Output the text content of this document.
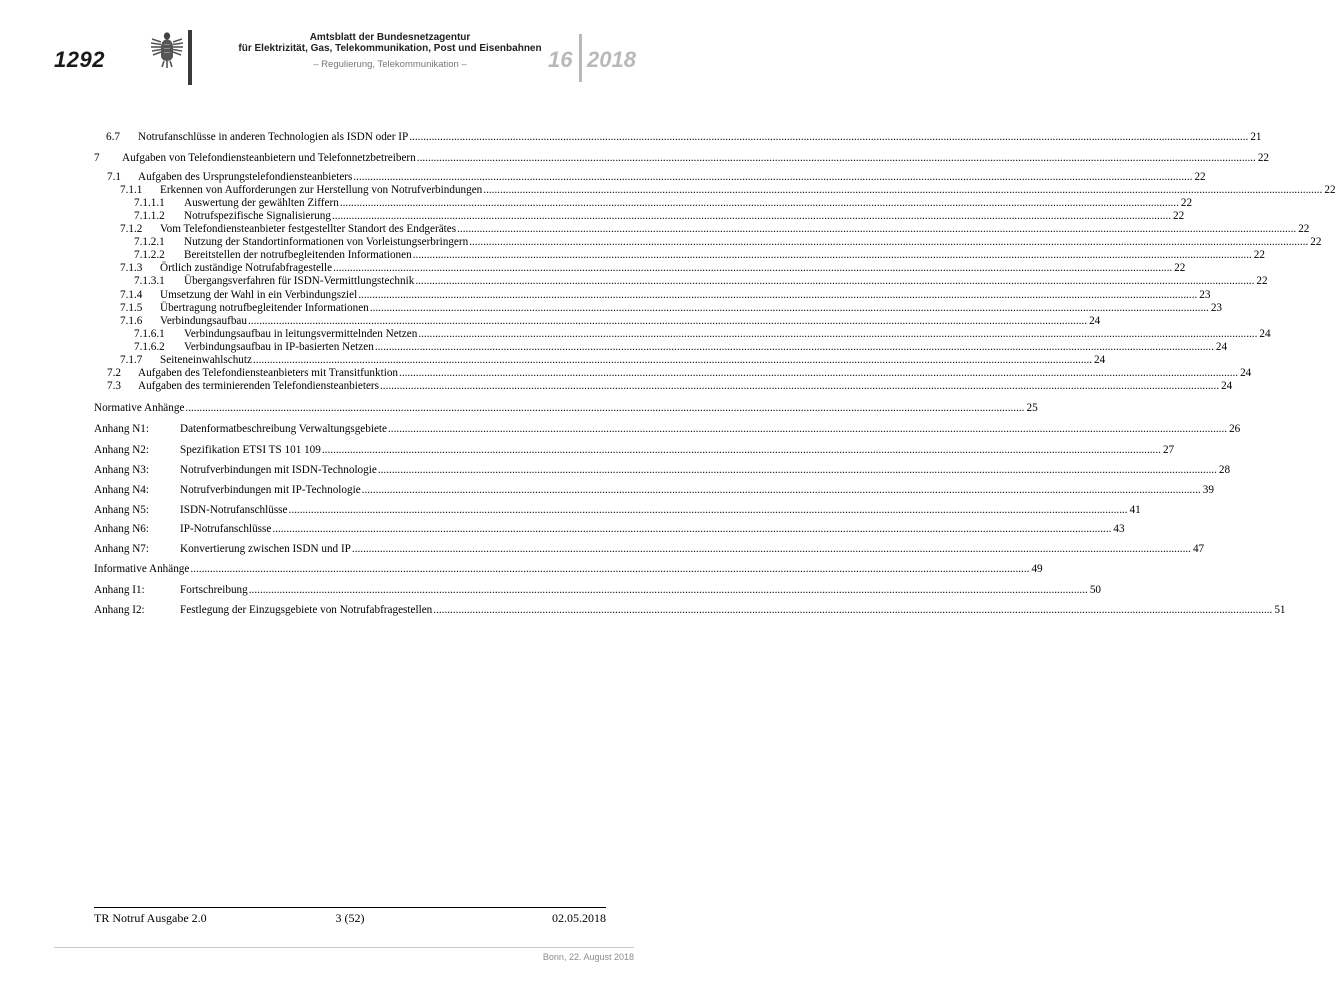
1292
Amtsblatt der Bundesnetzagentur
für Elektrizität, Gas, Telekommunikation, Post und Eisenbahnen
– Regulierung, Telekommunikation –	16 2018
6.7 Notrufanschlüsse in anderen Technologien als ISDN oder IP ............................................................................................................................................................................................................................................................................................................ 21
7 Aufgaben von Telefondiensteanbietern und Telefonnetzbetreibern ............................................................................................................................................................................................................................................................................................................ 22
7.1 Aufgaben des Ursprungstelefondiensteanbieters ............................................................................................................................................................................................................................................................................................................ 22
7.1.1 Erkennen von Aufforderungen zur Herstellung von Notrufverbindungen ............................................................................................................................................................................................................................................................................................................ 22
7.1.1.1 Auswertung der gewählten Ziffern ............................................................................................................................................................................................................................................................................................................ 22
7.1.1.2 Notrufspezifische Signalisierung ............................................................................................................................................................................................................................................................................................................ 22
7.1.2 Vom Telefondiensteanbieter festgestellter Standort des Endgerätes ............................................................................................................................................................................................................................................................................................................ 22
7.1.2.1 Nutzung der Standortinformationen von Vorleistungserbringern ............................................................................................................................................................................................................................................................................................................ 22
7.1.2.2 Bereitstellen der notrufbegleitenden Informationen ............................................................................................................................................................................................................................................................................................................ 22
7.1.3 Örtlich zuständige Notrufabfragestelle ............................................................................................................................................................................................................................................................................................................ 22
7.1.3.1 Übergangsverfahren für ISDN-Vermittlungstechnik ............................................................................................................................................................................................................................................................................................................ 22
7.1.4 Umsetzung der Wahl in ein Verbindungsziel ............................................................................................................................................................................................................................................................................................................ 23
7.1.5 Übertragung notrufbegleitender Informationen ............................................................................................................................................................................................................................................................................................................ 23
7.1.6 Verbindungsaufbau ............................................................................................................................................................................................................................................................................................................ 24
7.1.6.1 Verbindungsaufbau in leitungsvermittelnden Netzen ............................................................................................................................................................................................................................................................................................................ 24
7.1.6.2 Verbindungsaufbau in IP-basierten Netzen ............................................................................................................................................................................................................................................................................................................ 24
7.1.7 Seiteneinwahlschutz ............................................................................................................................................................................................................................................................................................................ 24
7.2 Aufgaben des Telefondiensteanbieters mit Transitfunktion ............................................................................................................................................................................................................................................................................................................ 24
7.3 Aufgaben des terminierenden Telefondiensteanbieters ............................................................................................................................................................................................................................................................................................................ 24
Normative Anhänge ............................................................................................................................................................................................................................................................................................................ 25
Anhang N1:	Datenformatbeschreibung Verwaltungsgebiete ............................................................................................................................................................................................................................................................................................................ 26
Anhang N2:	Spezifikation ETSI TS 101 109 ............................................................................................................................................................................................................................................................................................................ 27
Anhang N3:	Notrufverbindungen mit ISDN-Technologie ............................................................................................................................................................................................................................................................................................................ 28
Anhang N4:	Notrufverbindungen mit IP-Technologie ............................................................................................................................................................................................................................................................................................................ 39
Anhang N5:	ISDN-Notrufanschlüsse ............................................................................................................................................................................................................................................................................................................ 41
Anhang N6:	IP-Notrufanschlüsse ............................................................................................................................................................................................................................................................................................................ 43
Anhang N7:	Konvertierung zwischen ISDN und IP ............................................................................................................................................................................................................................................................................................................ 47
Informative Anhänge ............................................................................................................................................................................................................................................................................................................ 49
Anhang I1:	Fortschreibung ............................................................................................................................................................................................................................................................................................................ 50
Anhang I2:	Festlegung der Einzugsgebiete von Notrufabfragestellen ............................................................................................................................................................................................................................................................................................................ 51
TR Notruf Ausgabe 2.0	3 (52)	02.05.2018
Bonn, 22. August 2018
